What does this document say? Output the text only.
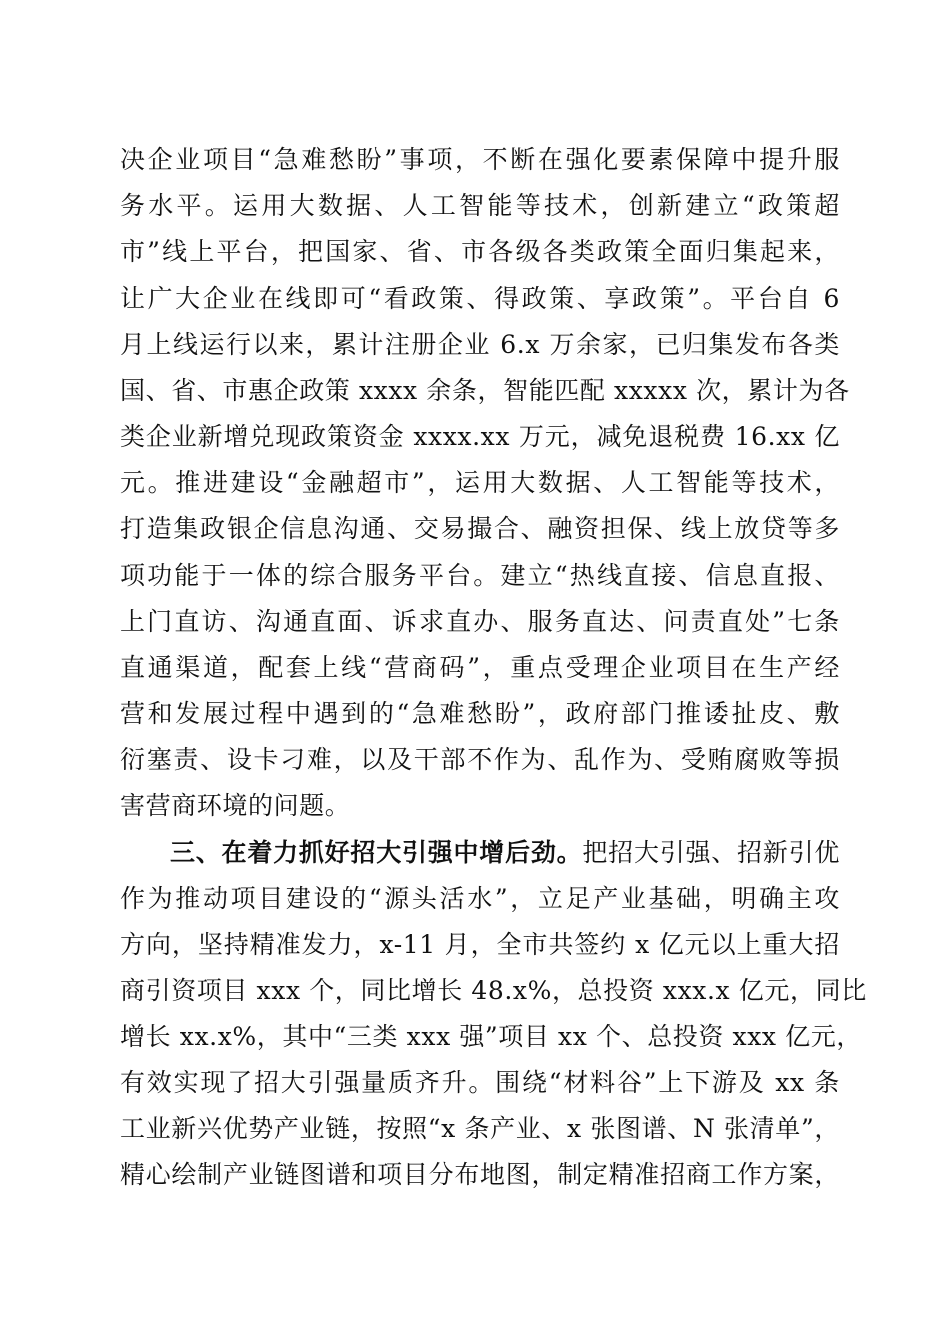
决企业项目“急难愁盼”事项，不断在强化要素保障中提升服
务水平。运用大数据、人工智能等技术，创新建立“政策超
市”线上平台，把国家、省、市各级各类政策全面归集起来，
让广大企业在线即可“看政策、得政策、享政策”。平台自 6
月上线运行以来，累计注册企业 6.x 万余家，已归集发布各类
国、省、市惠企政策 xxxx 余条，智能匹配 xxxxx 次，累计为各
类企业新增兑现政策资金 xxxx.xx 万元，减免退税费 16.xx 亿
元。推进建设“金融超市”，运用大数据、人工智能等技术，
打造集政银企信息沟通、交易撮合、融资担保、线上放贷等多
项功能于一体的综合服务平台。建立“热线直接、信息直报、
上门直访、沟通直面、诉求直办、服务直达、问责直处”七条
直通渠道，配套上线“营商码”，重点受理企业项目在生产经
营和发展过程中遇到的“急难愁盼”，政府部门推诿扯皮、敷
衍塞责、设卡刁难，以及干部不作为、乱作为、受贿腐败等损
害营商环境的问题。
三、在着力抓好招大引强中增后劲。把招大引强、招新引优
作为推动项目建设的“源头活水”，立足产业基础，明确主攻
方向，坚持精准发力，x-11 月，全市共签约 x 亿元以上重大招
商引资项目 xxx 个，同比增长 48.x%，总投资 xxx.x 亿元，同比
增长 xx.x%，其中“三类 xxx 强”项目 xx 个、总投资 xxx 亿元，
有效实现了招大引强量质齐升。围绕“材料谷”上下游及 xx 条
工业新兴优势产业链，按照“x 条产业、x 张图谱、N 张清单”，
精心绘制产业链图谱和项目分布地图，制定精准招商工作方案，
